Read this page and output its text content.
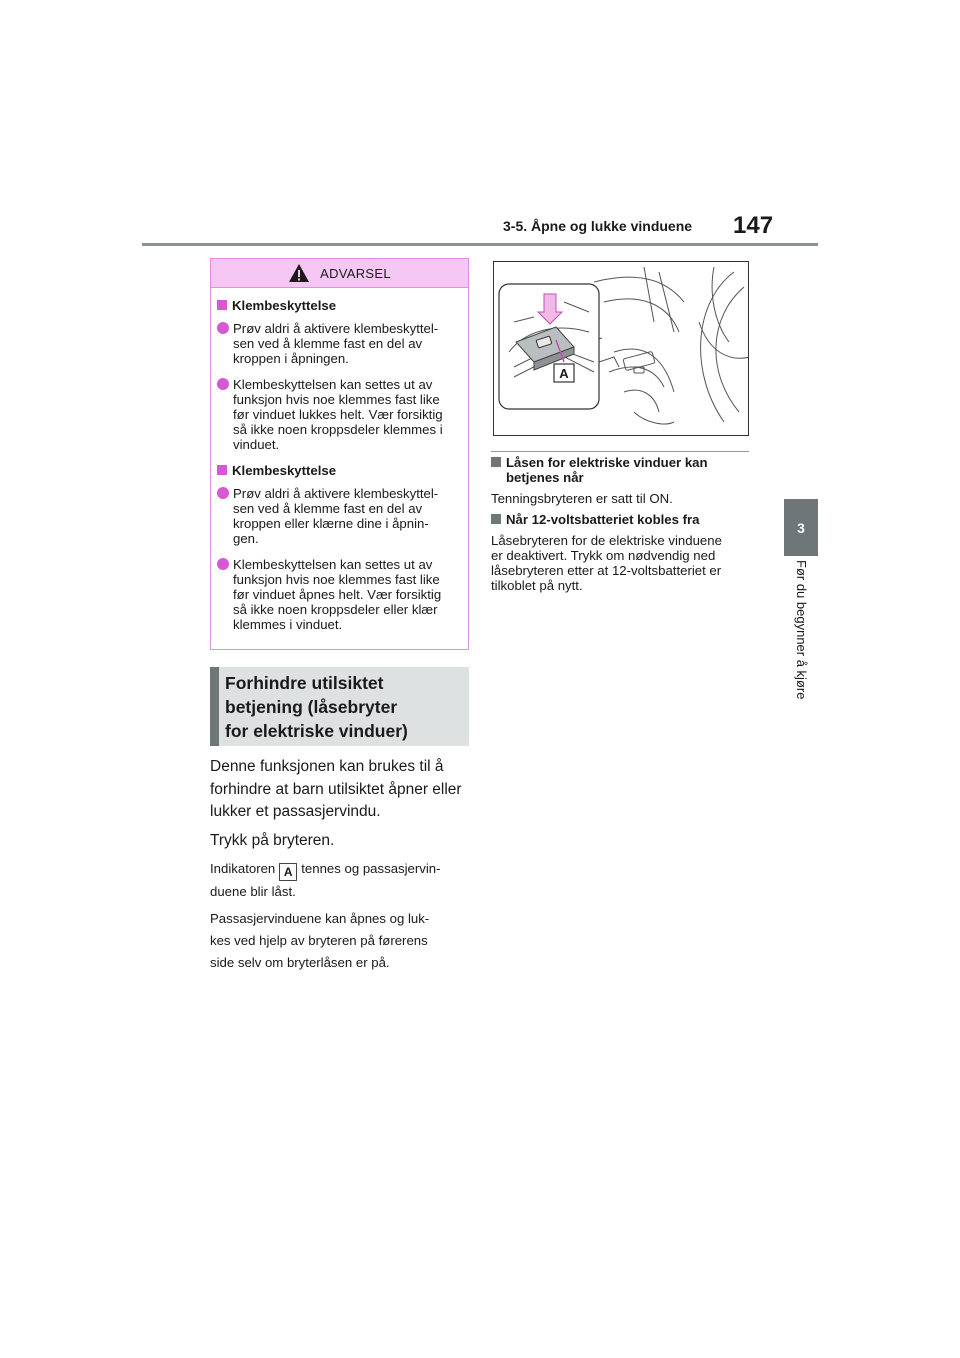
3-5. Åpne og lukke vinduene 147
3
Før du begynner å kjøre
ADVARSEL
Klembeskyttelse
Prøv aldri å aktivere klembeskyttel-
sen ved å klemme fast en del av
kroppen i åpningen.
Klembeskyttelsen kan settes ut av
funksjon hvis noe klemmes fast like
før vinduet lukkes helt. Vær forsiktig
så ikke noen kroppsdeler klemmes i
vinduet.
Klembeskyttelse
Prøv aldri å aktivere klembeskyttel-
sen ved å klemme fast en del av
kroppen eller klærne dine i åpnin-
gen.
Klembeskyttelsen kan settes ut av
funksjon hvis noe klemmes fast like
før vinduet åpnes helt. Vær forsiktig
så ikke noen kroppsdeler eller klær
klemmes i vinduet.
Forhindre utilsiktet
betjening (låsebryter
for elektriske vinduer)

Denne funksjonen kan brukes til å forhindre at barn utilsiktet åpner eller lukker et passasjervindu.

Trykk på bryteren.

Indikatoren A tennes og passasjervin-
duene blir låst.

Passasjervinduene kan åpnes og luk-
kes ved hjelp av bryteren på førerens
side selv om bryterlåsen er på.

A
Låsen for elektriske vinduer kan
betjenes når

Tenningsbryteren er satt til ON.

Når 12-voltsbatteriet kobles fra

Låsebryteren for de elektriske vinduene
er deaktivert. Trykk om nødvendig ned
låsebryteren etter at 12-voltsbatteriet er
tilkoblet på nytt.
